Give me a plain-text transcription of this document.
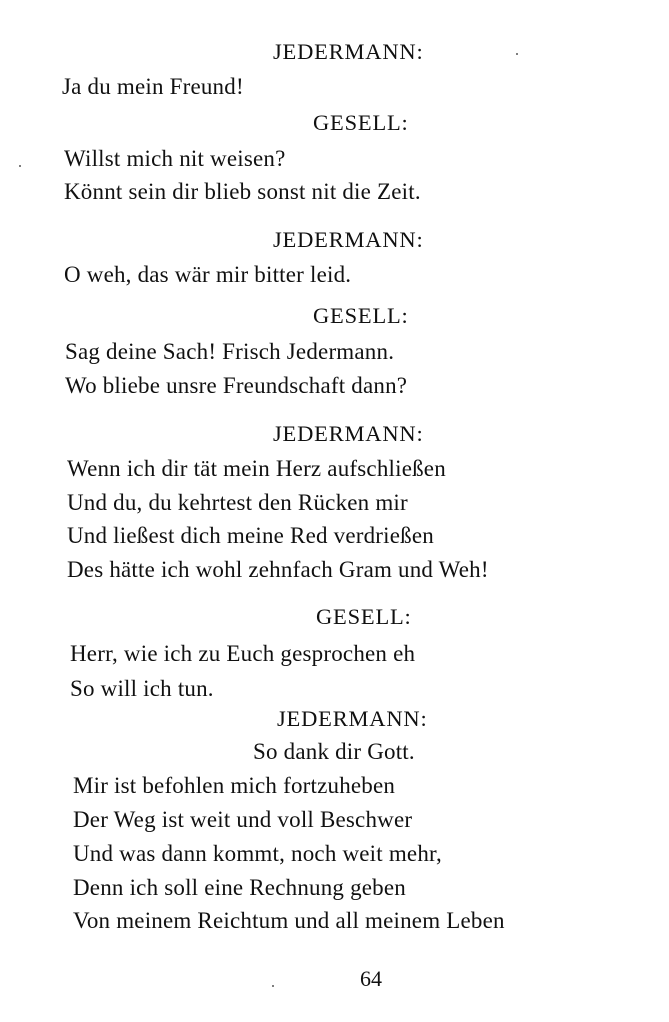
JEDERMANN:
Ja du mein Freund!
GESELL:
Willst mich nit weisen?
Könnt sein dir blieb sonst nit die Zeit.
JEDERMANN:
O weh, das wär mir bitter leid.
GESELL:
Sag deine Sach! Frisch Jedermann.
Wo bliebe unsre Freundschaft dann?
JEDERMANN:
Wenn ich dir tät mein Herz aufschließen
Und du, du kehrtest den Rücken mir
Und ließest dich meine Red verdrießen
Des hätte ich wohl zehnfach Gram und Weh!
GESELL:
Herr, wie ich zu Euch gesprochen eh
So will ich tun.
JEDERMANN:
So dank dir Gott.
Mir ist befohlen mich fortzuheben
Der Weg ist weit und voll Beschwer
Und was dann kommt, noch weit mehr,
Denn ich soll eine Rechnung geben
Von meinem Reichtum und all meinem Leben
64
